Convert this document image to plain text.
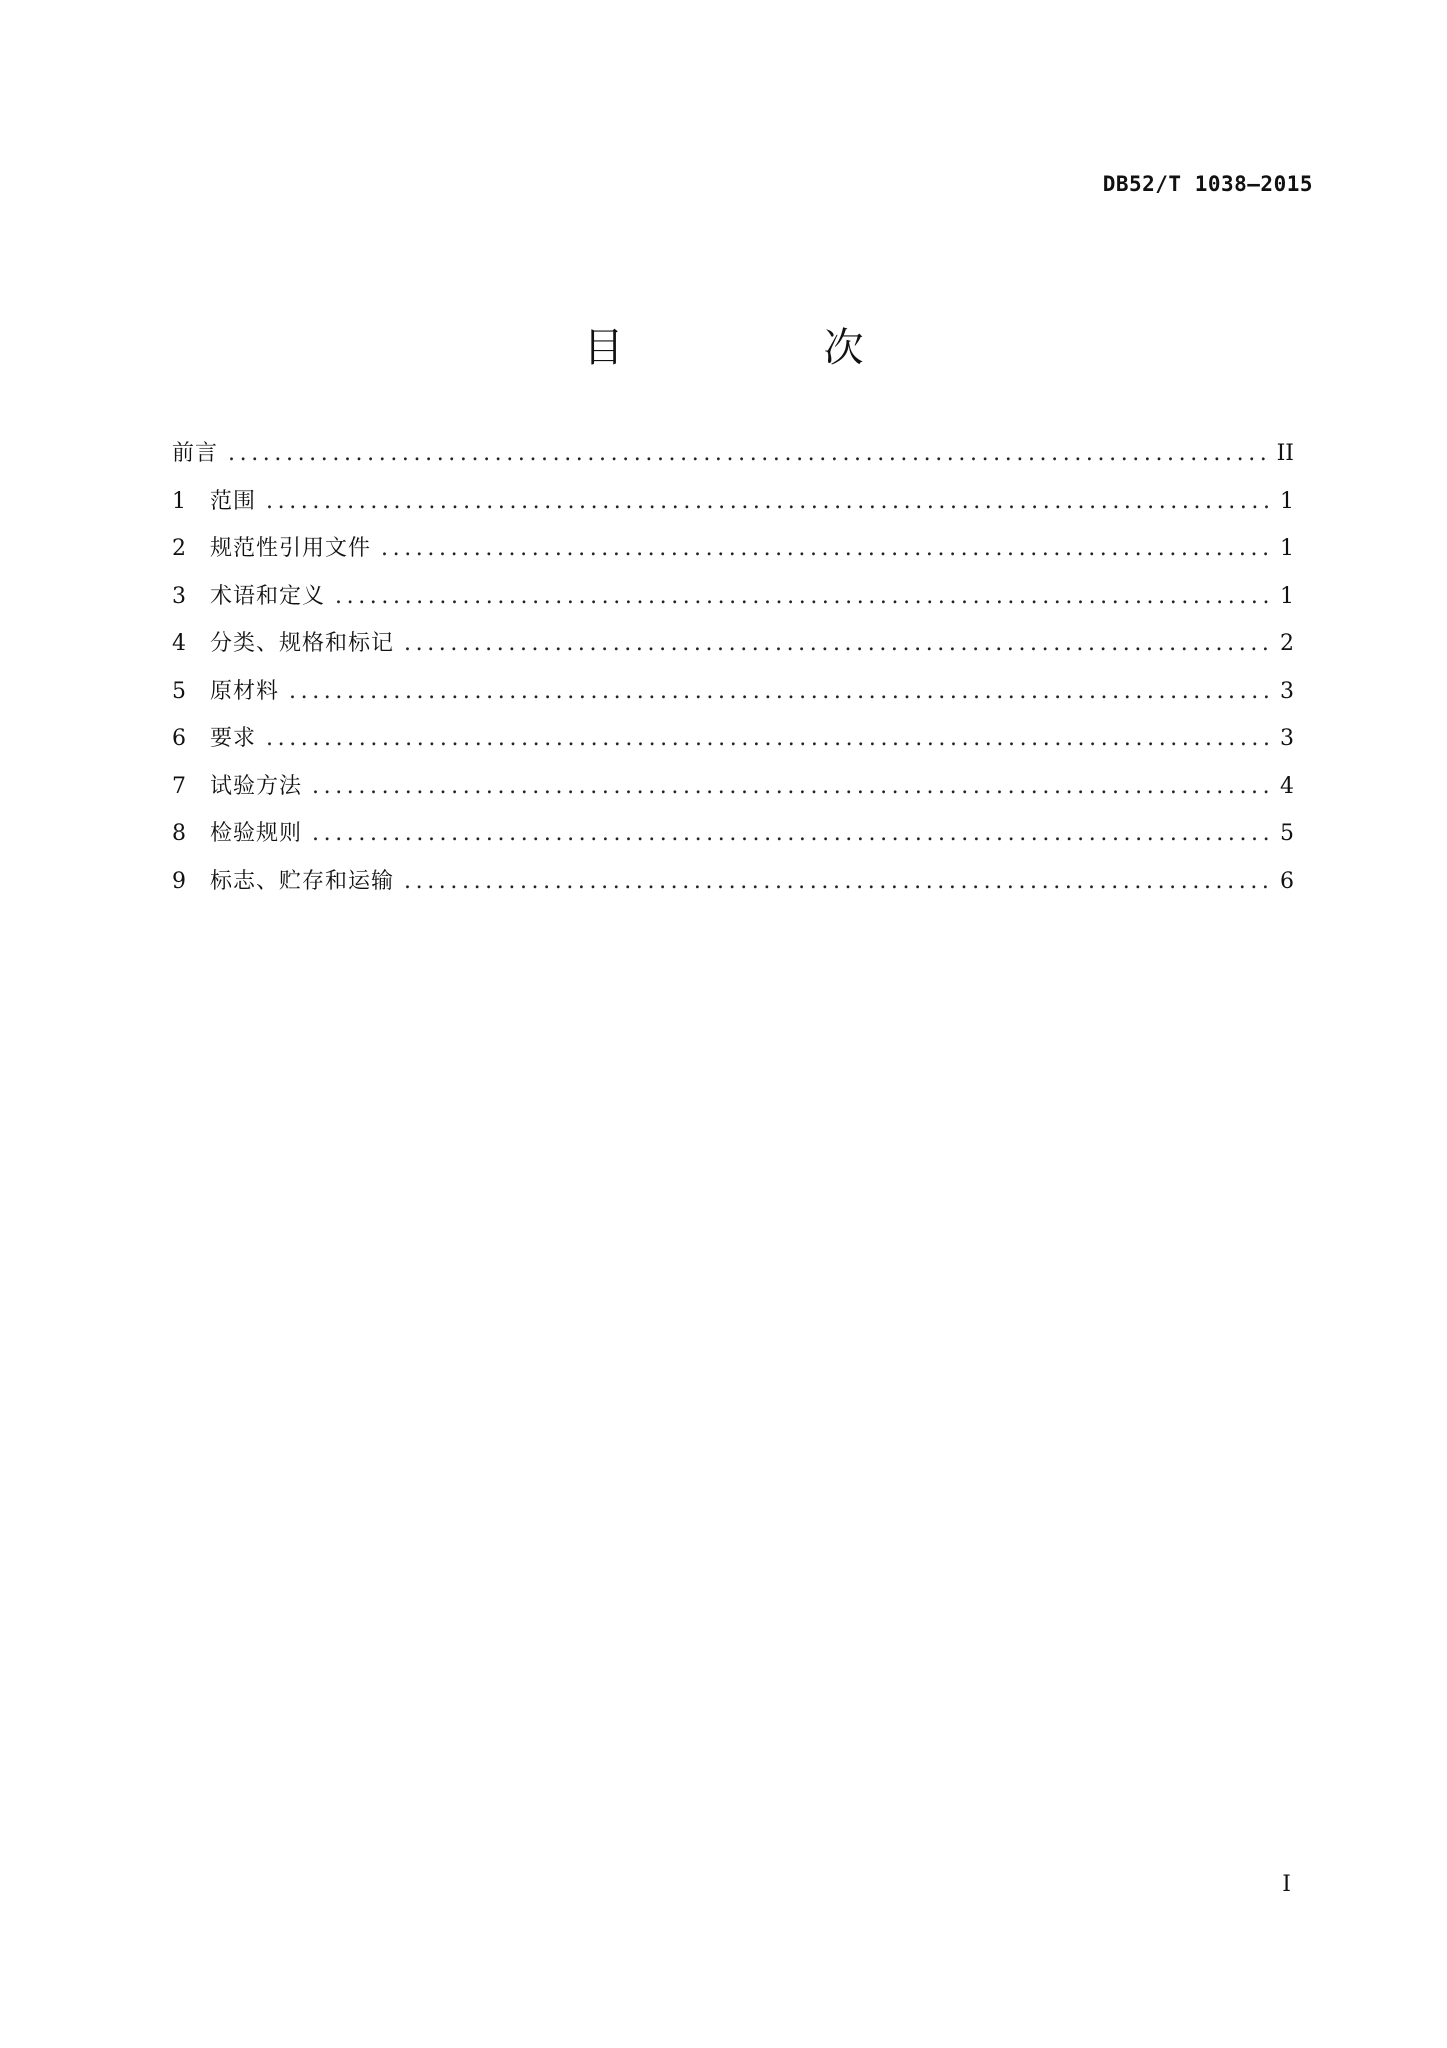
DB52/T 1038—2015
目　次
前言 .....	II
1	范围 .....	1
2	规范性引用文件 .....	1
3	术语和定义 .....	1
4	分类、规格和标记 .....	2
5	原材料 .....	3
6	要求 .....	3
7	试验方法 .....	4
8	检验规则 .....	5
9	标志、贮存和运输 .....	6
I
